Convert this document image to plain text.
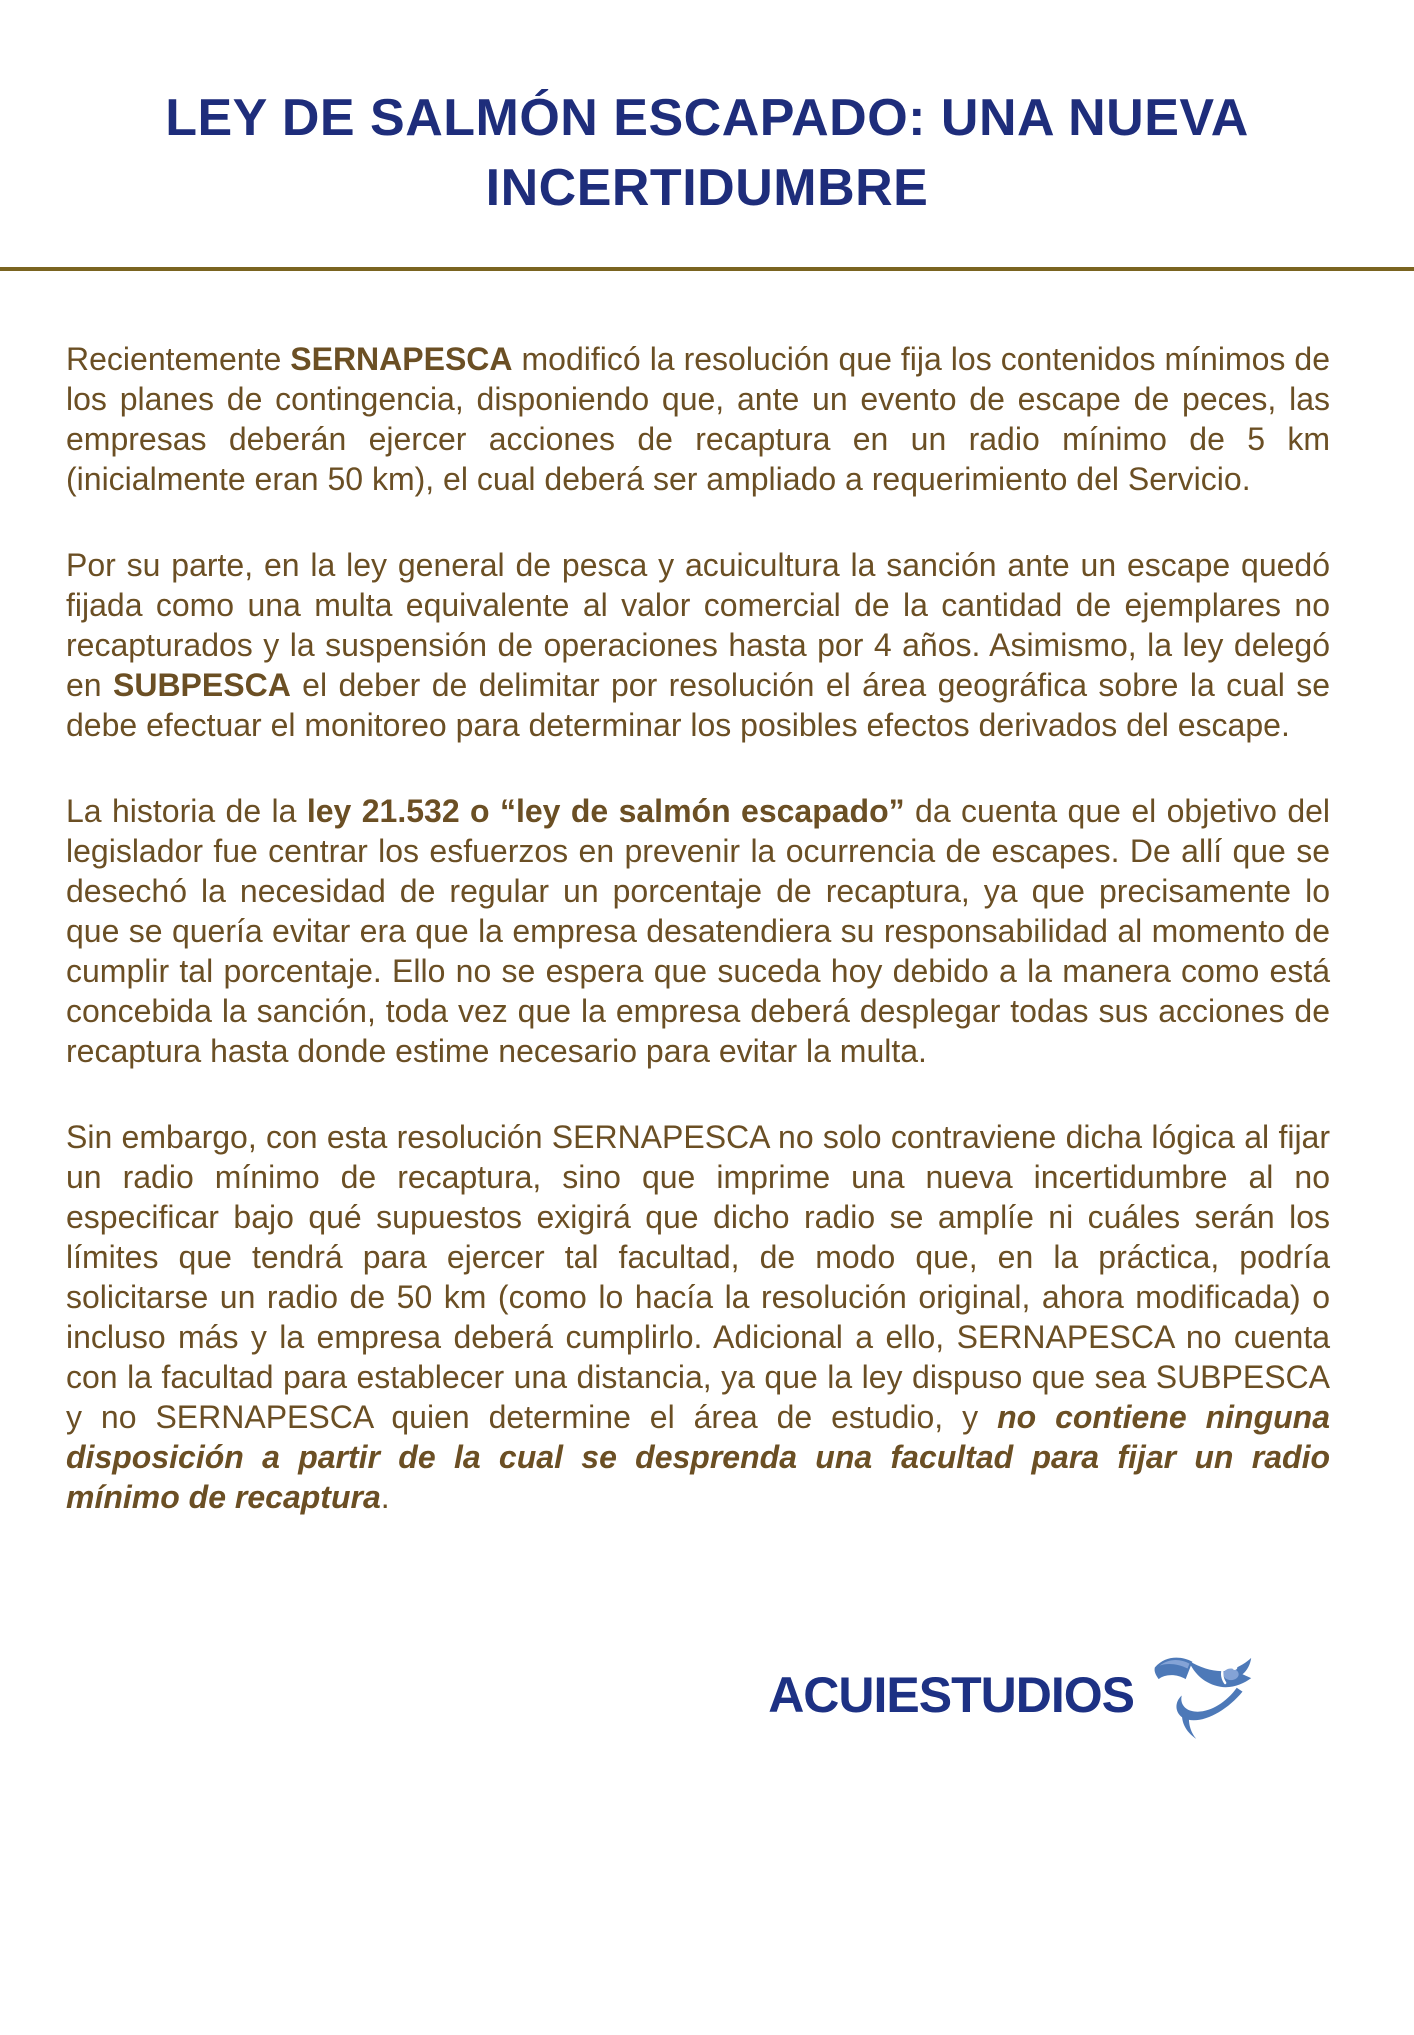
LEY DE SALMÓN ESCAPADO: UNA NUEVA
INCERTIDUMBRE

Recientemente SERNAPESCA modificó la resolución que fija los contenidos mínimos de los planes de contingencia, disponiendo que, ante un evento de escape de peces, las empresas deberán ejercer acciones de recaptura en un radio mínimo de 5 km (inicialmente eran 50 km), el cual deberá ser ampliado a requerimiento del Servicio.

Por su parte, en la ley general de pesca y acuicultura la sanción ante un escape quedó fijada como una multa equivalente al valor comercial de la cantidad de ejemplares no recapturados y la suspensión de operaciones hasta por 4 años. Asimismo, la ley delegó en SUBPESCA el deber de delimitar por resolución el área geográfica sobre la cual se debe efectuar el monitoreo para determinar los posibles efectos derivados del escape.

La historia de la ley 21.532 o “ley de salmón escapado” da cuenta que el objetivo del legislador fue centrar los esfuerzos en prevenir la ocurrencia de escapes. De allí que se desechó la necesidad de regular un porcentaje de recaptura, ya que precisamente lo que se quería evitar era que la empresa desatendiera su responsabilidad al momento de cumplir tal porcentaje. Ello no se espera que suceda hoy debido a la manera como está concebida la sanción, toda vez que la empresa deberá desplegar todas sus acciones de recaptura hasta donde estime necesario para evitar la multa.

Sin embargo, con esta resolución SERNAPESCA no solo contraviene dicha lógica al fijar un radio mínimo de recaptura, sino que imprime una nueva incertidumbre al no especificar bajo qué supuestos exigirá que dicho radio se amplíe ni cuáles serán los límites que tendrá para ejercer tal facultad, de modo que, en la práctica, podría solicitarse un radio de 50 km (como lo hacía la resolución original, ahora modificada) o incluso más y la empresa deberá cumplirlo. Adicional a ello, SERNAPESCA no cuenta con la facultad para establecer una distancia, ya que la ley dispuso que sea SUBPESCA y no SERNAPESCA quien determine el área de estudio, y no contiene ninguna disposición a partir de la cual se desprenda una facultad para fijar un radio mínimo de recaptura.

ACUIESTUDIOS
